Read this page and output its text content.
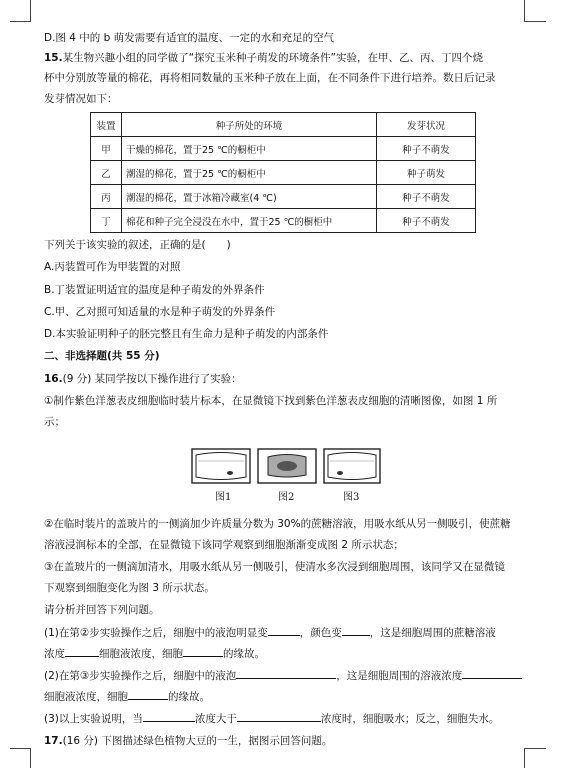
D.图 4 中的 b 萌发需要有适宜的温度、一定的水和充足的空气
15.某生物兴趣小组的同学做了“探究玉米种子萌发的环境条件”实验，在甲、乙、丙、丁四个烧
杯中分别放等量的棉花，再将相同数量的玉米种子放在上面，在不同条件下进行培养。数日后记录
发芽情况如下：
装置	种子所处的环境	发芽状况
甲	干燥的棉花，置于25 ℃的橱柜中	种子不萌发
乙	潮湿的棉花，置于25 ℃的橱柜中	种子萌发
丙	潮湿的棉花，置于冰箱冷藏室(4 ℃)	种子不萌发
丁	棉花和种子完全浸没在水中，置于25 ℃的橱柜中	种子不萌发
下列关于该实验的叙述，正确的是(　　)
A.丙装置可作为甲装置的对照
B.丁装置证明适宜的温度是种子萌发的外界条件
C.甲、乙对照可知适量的水是种子萌发的外界条件
D.本实验证明种子的胚完整且有生命力是种子萌发的内部条件
二、非选择题(共 55 分)
16.(9 分) 某同学按以下操作进行了实验：
①制作紫色洋葱表皮细胞临时装片标本，在显微镜下找到紫色洋葱表皮细胞的清晰图像，如图 1 所
示；
图1	图2	图3
②在临时装片的盖玻片的一侧滴加少许质量分数为 30%的蔗糖溶液，用吸水纸从另一侧吸引，使蔗糖
溶液浸润标本的全部，在显微镜下该同学观察到细胞渐渐变成图 2 所示状态；
③在盖玻片的一侧滴加清水，用吸水纸从另一侧吸引，使清水多次浸到细胞周围，该同学又在显微镜
下观察到细胞变化为图 3 所示状态。
请分析并回答下列问题。
(1)在第②步实验操作之后，细胞中的液泡明显变	，颜色变	，这是细胞周围的蔗糖溶液
浓度	细胞液浓度，细胞	的缘故。
(2)在第③步实验操作之后，细胞中的液泡	，这是细胞周围的溶液浓度
细胞液浓度，细胞	的缘故。
(3)以上实验说明，当	浓度大于	浓度时，细胞吸水；反之，细胞失水。
17.(16 分) 下图描述绿色植物大豆的一生，据图示回答问题。
